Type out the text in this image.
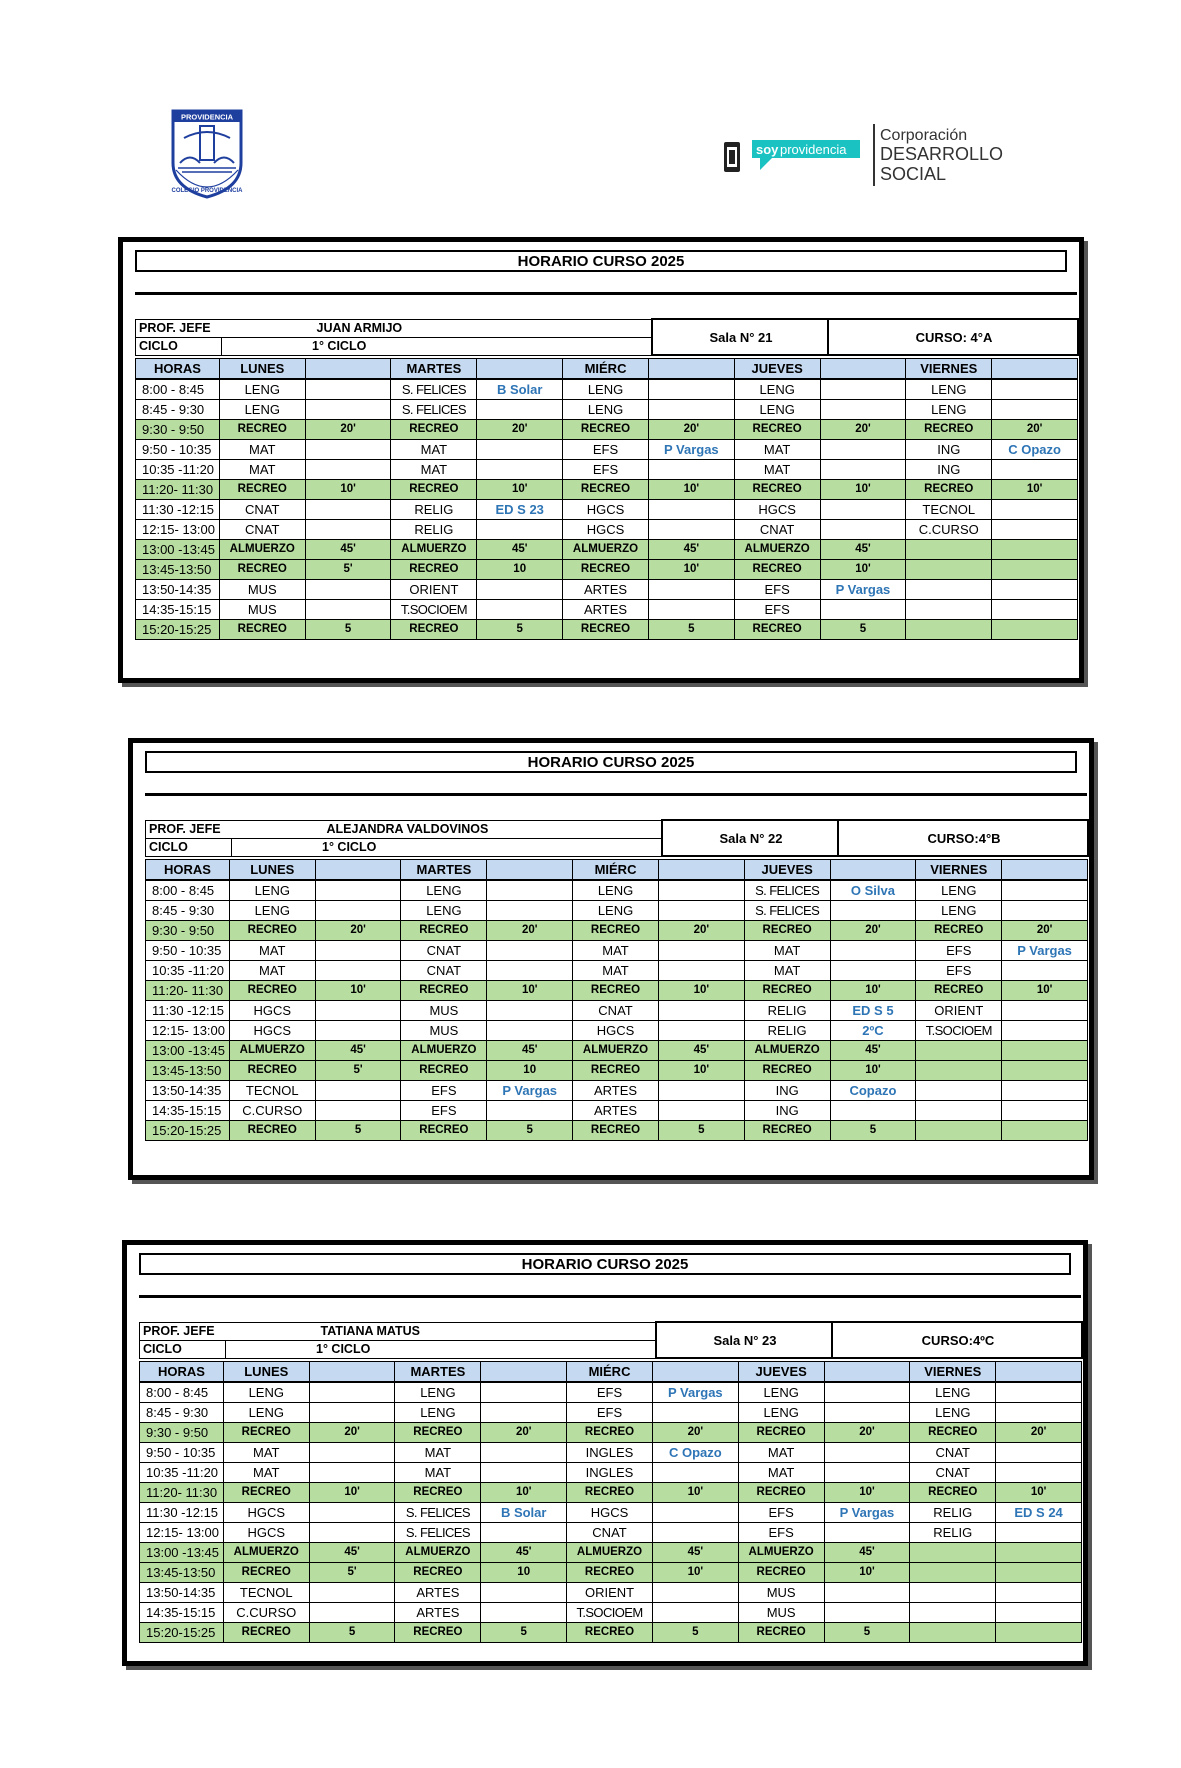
PROVIDENCIA
COLEGIO PROVIDENCIA
soy providencia
Corporación
DESARROLLO
SOCIAL
HORARIO CURSO 2025
PROF. JEFE	JUAN ARMIJO	Sala N° 21	CURSO: 4°A
CICLO	1° CICLO		
HORAS	LUNES		MARTES		MIÉRC		JUEVES		VIERNES	
8:00 - 8:45	LENG		S. FELICES	B Solar	LENG		LENG		LENG	
8:45 - 9:30	LENG		S. FELICES		LENG		LENG		LENG	
9:30 - 9:50	RECREO	20'	RECREO	20'	RECREO	20'	RECREO	20'	RECREO	20'
9:50 - 10:35	MAT		MAT		EFS	P Vargas	MAT		ING	C Opazo
10:35 -11:20	MAT		MAT		EFS		MAT		ING	
11:20- 11:30	RECREO	10'	RECREO	10'	RECREO	10'	RECREO	10'	RECREO	10'
11:30 -12:15	CNAT		RELIG	ED S 23	HGCS		HGCS		TECNOL	
12:15- 13:00	CNAT		RELIG		HGCS		CNAT		C.CURSO	
13:00 -13:45	ALMUERZO	45'	ALMUERZO	45'	ALMUERZO	45'	ALMUERZO	45'		
13:45-13:50	RECREO	5'	RECREO	10	RECREO	10'	RECREO	10'		
13:50-14:35	MUS		ORIENT		ARTES		EFS	P Vargas		
14:35-15:15	MUS		T.SOCIOEM		ARTES		EFS			
15:20-15:25	RECREO	5	RECREO	5	RECREO	5	RECREO	5		
HORARIO CURSO 2025
PROF. JEFE	ALEJANDRA VALDOVINOS	Sala N° 22	CURSO:4°B
CICLO	1° CICLO		
HORAS	LUNES		MARTES		MIÉRC		JUEVES		VIERNES	
8:00 - 8:45	LENG		LENG		LENG		S. FELICES	O Silva	LENG	
8:45 - 9:30	LENG		LENG		LENG		S. FELICES		LENG	
9:30 - 9:50	RECREO	20'	RECREO	20'	RECREO	20'	RECREO	20'	RECREO	20'
9:50 - 10:35	MAT		CNAT		MAT		MAT		EFS	P Vargas
10:35 -11:20	MAT		CNAT		MAT		MAT		EFS	
11:20- 11:30	RECREO	10'	RECREO	10'	RECREO	10'	RECREO	10'	RECREO	10'
11:30 -12:15	HGCS		MUS		CNAT		RELIG	ED S 5	ORIENT	
12:15- 13:00	HGCS		MUS		HGCS		RELIG	2ºC	T.SOCIOEM	
13:00 -13:45	ALMUERZO	45'	ALMUERZO	45'	ALMUERZO	45'	ALMUERZO	45'		
13:45-13:50	RECREO	5'	RECREO	10	RECREO	10'	RECREO	10'		
13:50-14:35	TECNOL		EFS	P Vargas	ARTES		ING	Copazo		
14:35-15:15	C.CURSO		EFS		ARTES		ING			
15:20-15:25	RECREO	5	RECREO	5	RECREO	5	RECREO	5		
HORARIO CURSO 2025
PROF. JEFE	TATIANA MATUS	Sala N° 23	CURSO:4ºC
CICLO	1° CICLO		
HORAS	LUNES		MARTES		MIÉRC		JUEVES		VIERNES	
8:00 - 8:45	LENG		LENG		EFS	P Vargas	LENG		LENG	
8:45 - 9:30	LENG		LENG		EFS		LENG		LENG	
9:30 - 9:50	RECREO	20'	RECREO	20'	RECREO	20'	RECREO	20'	RECREO	20'
9:50 - 10:35	MAT		MAT		INGLES	C Opazo	MAT		CNAT	
10:35 -11:20	MAT		MAT		INGLES		MAT		CNAT	
11:20- 11:30	RECREO	10'	RECREO	10'	RECREO	10'	RECREO	10'	RECREO	10'
11:30 -12:15	HGCS		S. FELICES	B Solar	HGCS		EFS	P Vargas	RELIG	ED S 24
12:15- 13:00	HGCS		S. FELICES		CNAT		EFS		RELIG	
13:00 -13:45	ALMUERZO	45'	ALMUERZO	45'	ALMUERZO	45'	ALMUERZO	45'		
13:45-13:50	RECREO	5'	RECREO	10	RECREO	10'	RECREO	10'		
13:50-14:35	TECNOL		ARTES		ORIENT		MUS			
14:35-15:15	C.CURSO		ARTES		T.SOCIOEM		MUS			
15:20-15:25	RECREO	5	RECREO	5	RECREO	5	RECREO	5		
